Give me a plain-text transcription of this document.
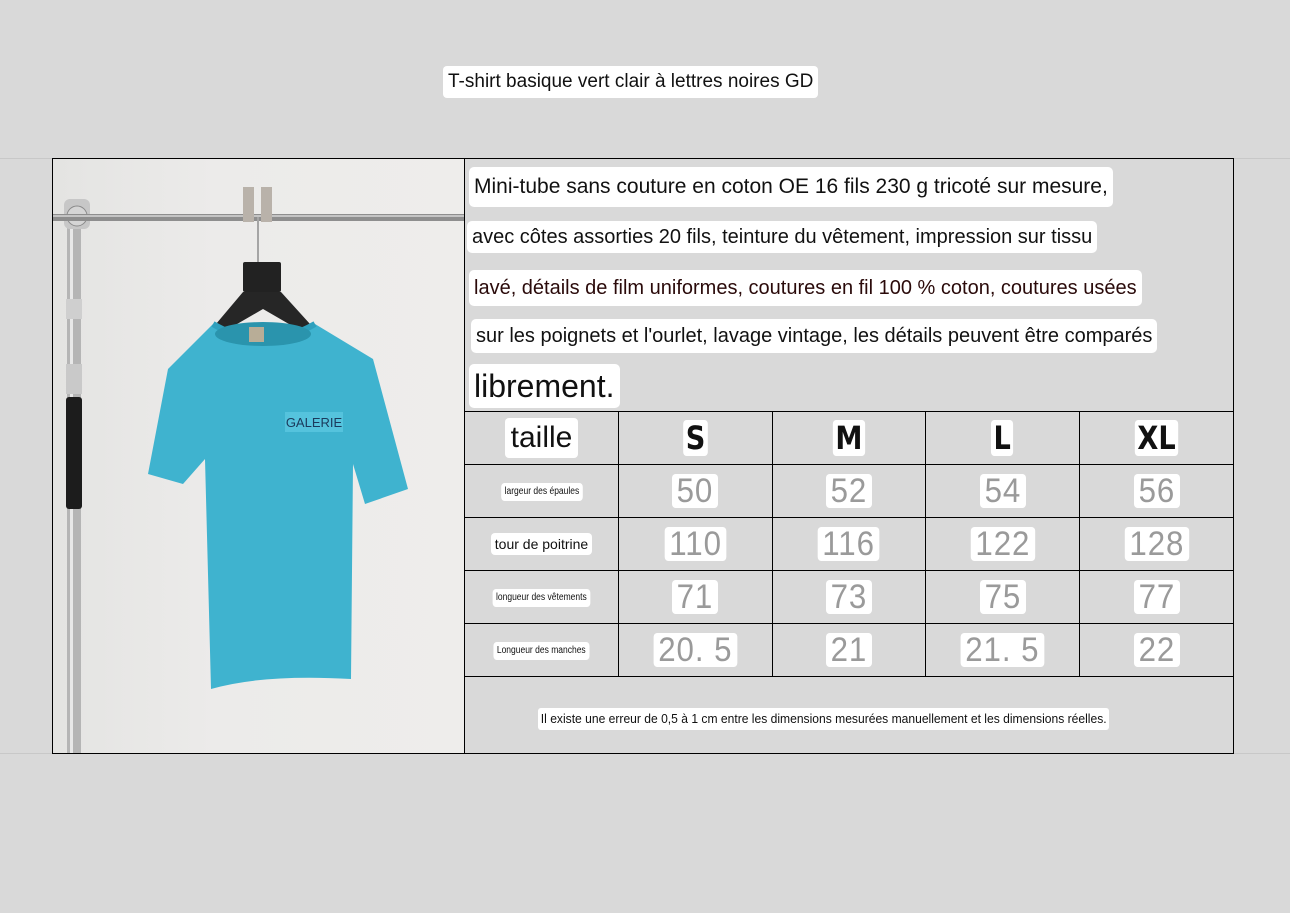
T-shirt basique vert clair à lettres noires GD
GALERIE
Mini-tube sans couture en coton OE 16 fils 230 g tricoté sur mesure,
avec côtes assorties 20 fils, teinture du vêtement, impression sur tissu
lavé, détails de film uniformes, coutures en fil 100 % coton, coutures usées
sur les poignets et l'ourlet, lavage vintage, les détails peuvent être comparés
librement.
taille	S	M	L	XL
largeur des épaules	50	52	54	56
tour de poitrine	110	116	122	128
longueur des vêtements	71	73	75	77
Longueur des manches	20. 5	21	21. 5	22
Il existe une erreur de 0,5 à 1 cm entre les dimensions mesurées manuellement et les dimensions réelles.
